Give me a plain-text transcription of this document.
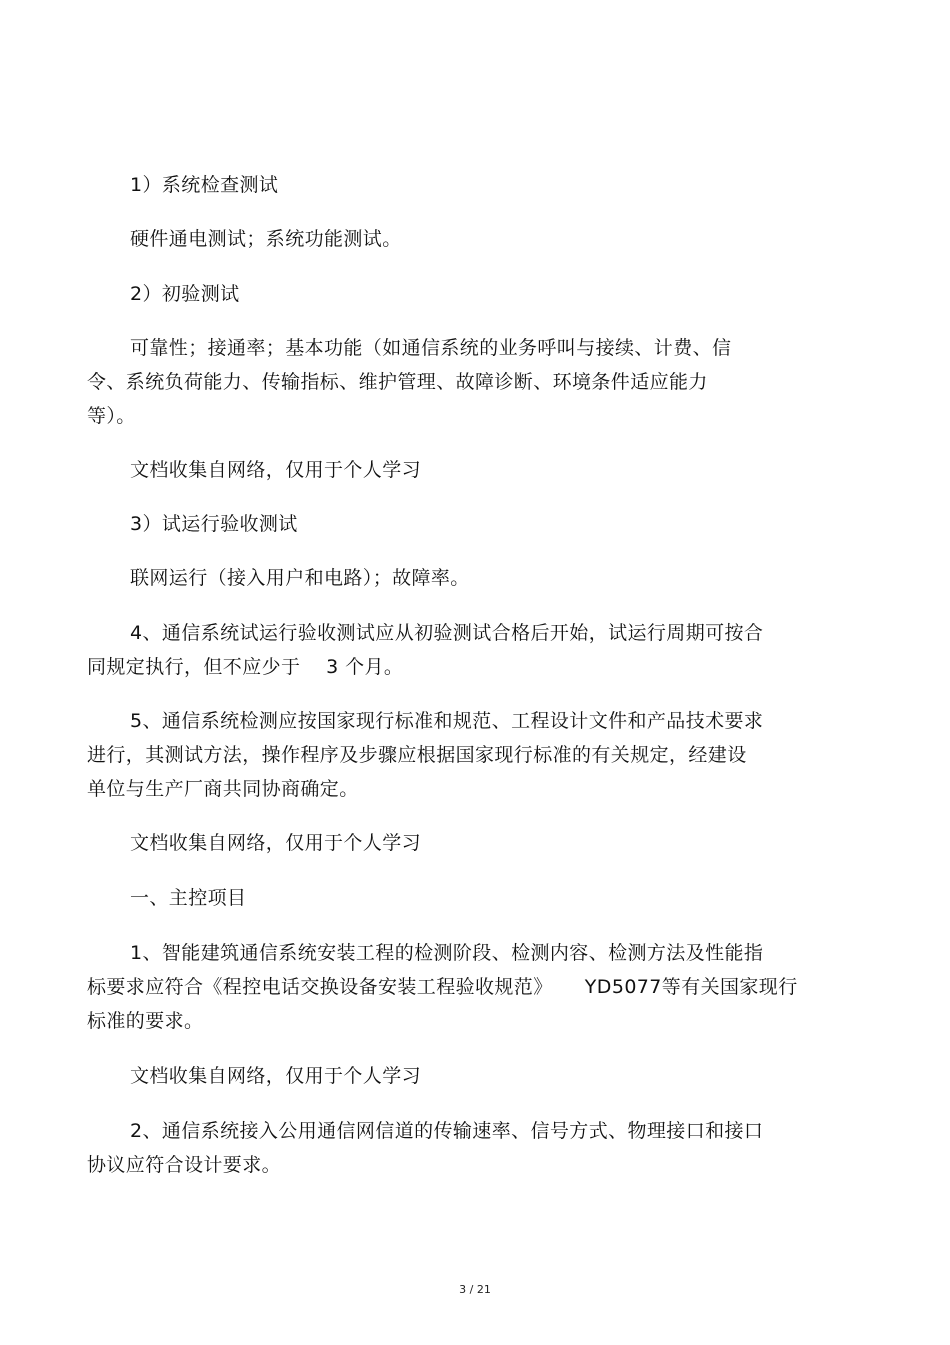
1）系统检查测试
硬件通电测试；系统功能测试。
2）初验测试
可靠性；接通率；基本功能（如通信系统的业务呼叫与接续、计费、信
令、系统负荷能力、传输指标、维护管理、故障诊断、环境条件适应能力
等）。
文档收集自网络，仅用于个人学习
3）试运行验收测试
联网运行（接入用户和电路）；故障率。
4、通信系统试运行验收测试应从初验测试合格后开始，试运行周期可按合
同规定执行，但不应少于    3 个月。
5、通信系统检测应按国家现行标准和规范、工程设计文件和产品技术要求
进行，其测试方法，操作程序及步骤应根据国家现行标准的有关规定，经建设
单位与生产厂商共同协商确定。
文档收集自网络，仅用于个人学习
一、主控项目
1、智能建筑通信系统安装工程的检测阶段、检测内容、检测方法及性能指
标要求应符合《程控电话交换设备安装工程验收规范》     YD5077等有关国家现行
标准的要求。
文档收集自网络，仅用于个人学习
2、通信系统接入公用通信网信道的传输速率、信号方式、物理接口和接口
协议应符合设计要求。
3 / 21
